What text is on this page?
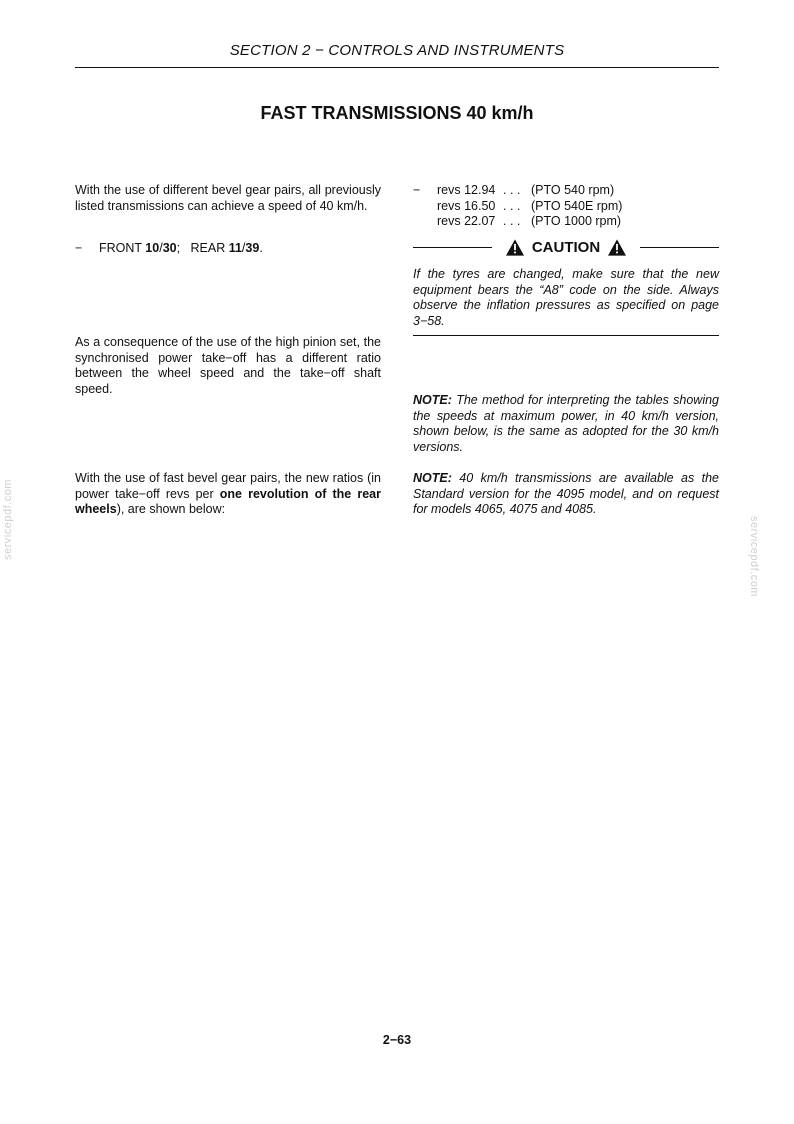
SECTION 2 − CONTROLS AND INSTRUMENTS
FAST TRANSMISSIONS 40 km/h

With the use of different bevel gear pairs, all previously listed transmissions can achieve a speed of 40 km/h.

− FRONT 10/30; REAR 11/39.

As a consequence of the use of the high pinion set, the synchronised power take−off has a different ratio between the wheel speed and the take−off shaft speed.

With the use of fast bevel gear pairs, the new ratios (in power take−off revs per one revolution of the rear wheels), are shown below:

−	revs 12.94 . . . (PTO 540 rpm)
revs 16.50 . . . (PTO 540E rpm)
revs 22.07 . . . (PTO 1000 rpm)
CAUTION

If the tyres are changed, make sure that the new equipment bears the “A8” code on the side. Always observe the inflation pressures as specified on page 3−58.

NOTE: The method for interpreting the tables showing the speeds at maximum power, in 40 km/h version, shown below, is the same as adopted for the 30 km/h versions.

NOTE: 40 km/h transmissions are available as the Standard version for the 4095 model, and on request for models 4065, 4075 and 4085.

servicepdf.com	servicepdf.com
2−63
